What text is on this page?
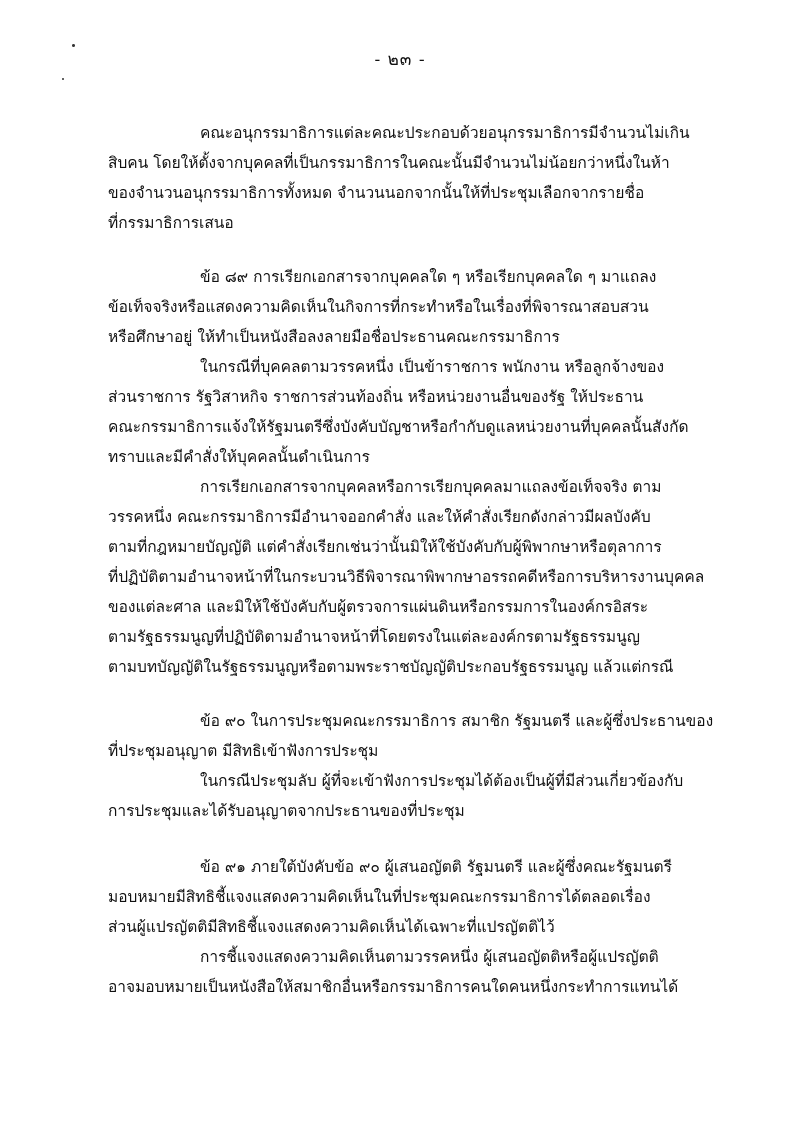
- ๒๓ -
คณะอนุกรรมาธิการแต่ละคณะประกอบด้วยอนุกรรมาธิการมีจำนวนไม่เกิน
สิบคน โดยให้ตั้งจากบุคคลที่เป็นกรรมาธิการในคณะนั้นมีจำนวนไม่น้อยกว่าหนึ่งในห้า
ของจำนวนอนุกรรมาธิการทั้งหมด จำนวนนอกจากนั้นให้ที่ประชุมเลือกจากรายชื่อ
ที่กรรมาธิการเสนอ
ข้อ ๘๙ การเรียกเอกสารจากบุคคลใด ๆ หรือเรียกบุคคลใด ๆ มาแถลง
ข้อเท็จจริงหรือแสดงความคิดเห็นในกิจการที่กระทำหรือในเรื่องที่พิจารณาสอบสวน
หรือศึกษาอยู่ ให้ทำเป็นหนังสือลงลายมือชื่อประธานคณะกรรมาธิการ
ในกรณีที่บุคคลตามวรรคหนึ่ง เป็นข้าราชการ พนักงาน หรือลูกจ้างของ
ส่วนราชการ รัฐวิสาหกิจ ราชการส่วนท้องถิ่น หรือหน่วยงานอื่นของรัฐ ให้ประธาน
คณะกรรมาธิการแจ้งให้รัฐมนตรีซึ่งบังคับบัญชาหรือกำกับดูแลหน่วยงานที่บุคคลนั้นสังกัด
ทราบและมีคำสั่งให้บุคคลนั้นดำเนินการ
การเรียกเอกสารจากบุคคลหรือการเรียกบุคคลมาแถลงข้อเท็จจริง ตาม
วรรคหนึ่ง คณะกรรมาธิการมีอำนาจออกคำสั่ง และให้คำสั่งเรียกดังกล่าวมีผลบังคับ
ตามที่กฎหมายบัญญัติ แต่คำสั่งเรียกเช่นว่านั้นมิให้ใช้บังคับกับผู้พิพากษาหรือตุลาการ
ที่ปฏิบัติตามอำนาจหน้าที่ในกระบวนวิธีพิจารณาพิพากษาอรรถคดีหรือการบริหารงานบุคคล
ของแต่ละศาล และมิให้ใช้บังคับกับผู้ตรวจการแผ่นดินหรือกรรมการในองค์กรอิสระ
ตามรัฐธรรมนูญที่ปฏิบัติตามอำนาจหน้าที่โดยตรงในแต่ละองค์กรตามรัฐธรรมนูญ
ตามบทบัญญัติในรัฐธรรมนูญหรือตามพระราชบัญญัติประกอบรัฐธรรมนูญ แล้วแต่กรณี
ข้อ ๙๐ ในการประชุมคณะกรรมาธิการ สมาชิก รัฐมนตรี และผู้ซึ่งประธานของ
ที่ประชุมอนุญาต มีสิทธิเข้าฟังการประชุม
ในกรณีประชุมลับ ผู้ที่จะเข้าฟังการประชุมได้ต้องเป็นผู้ที่มีส่วนเกี่ยวข้องกับ
การประชุมและได้รับอนุญาตจากประธานของที่ประชุม
ข้อ ๙๑ ภายใต้บังคับข้อ ๙๐ ผู้เสนอญัตติ รัฐมนตรี และผู้ซึ่งคณะรัฐมนตรี
มอบหมายมีสิทธิชี้แจงแสดงความคิดเห็นในที่ประชุมคณะกรรมาธิการได้ตลอดเรื่อง
ส่วนผู้แปรญัตติมีสิทธิชี้แจงแสดงความคิดเห็นได้เฉพาะที่แปรญัตติไว้
การชี้แจงแสดงความคิดเห็นตามวรรคหนึ่ง ผู้เสนอญัตติหรือผู้แปรญัตติ
อาจมอบหมายเป็นหนังสือให้สมาชิกอื่นหรือกรรมาธิการคนใดคนหนึ่งกระทำการแทนได้
